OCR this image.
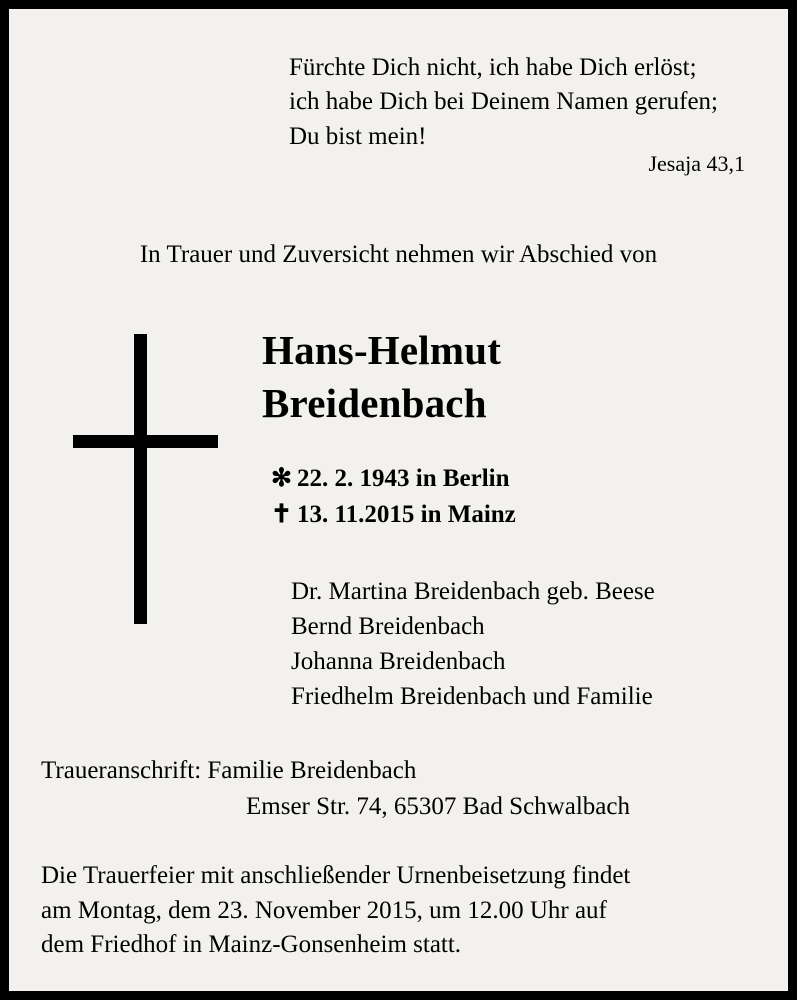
Fürchte Dich nicht, ich habe Dich erlöst;
ich habe Dich bei Deinem Namen gerufen;
Du bist mein!
Jesaja 43,1
In Trauer und Zuversicht nehmen wir Abschied von
Hans-Helmut
Breidenbach
✻ 22. 2. 1943 in Berlin
✝ 13. 11.2015 in Mainz
Dr. Martina Breidenbach geb. Beese
Bernd Breidenbach
Johanna Breidenbach
Friedhelm Breidenbach und Familie
Traueranschrift: Familie Breidenbach
Emser Str. 74, 65307 Bad Schwalbach
Die Trauerfeier mit anschließender Urnenbeisetzung findet
am Montag, dem 23. November 2015, um 12.00 Uhr auf
dem Friedhof in Mainz-Gonsenheim statt.
